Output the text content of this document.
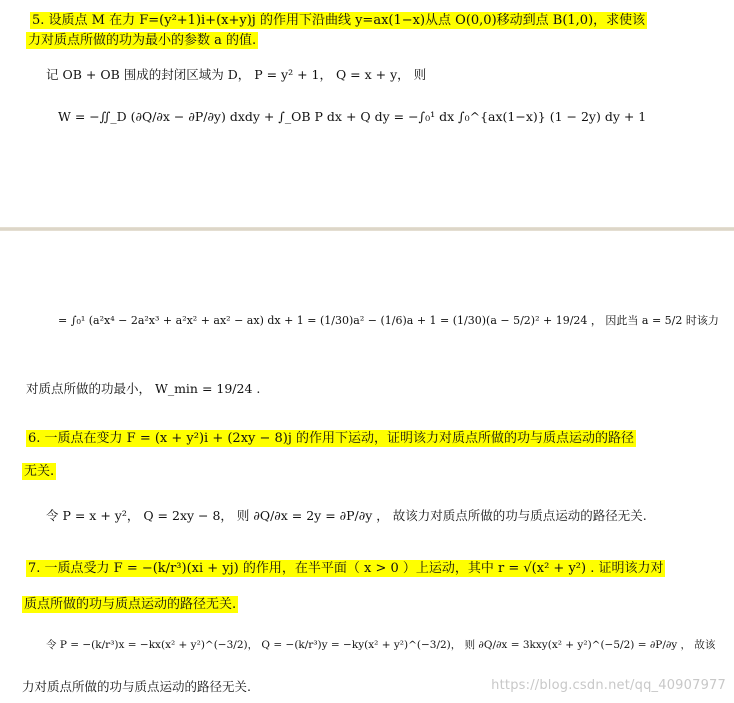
5. 设质点 M 在力 F=(y²+1)i+(x+y)j 的作用下沿曲线 y=ax(1−x)从点 O(0,0)移动到点 B(1,0)，求使该
力对质点所做的功为最小的参数 a 的值.
记 OB + OB 围成的封闭区域为 D， P = y² + 1， Q = x + y， 则
W = −∬_D (∂Q/∂x − ∂P/∂y) dxdy + ∫_OB P dx + Q dy = −∫₀¹ dx ∫₀^{ax(1−x)} (1 − 2y) dy + 1
= ∫₀¹ (a²x⁴ − 2a²x³ + a²x² + ax² − ax) dx + 1 = (1/30)a² − (1/6)a + 1 = (1/30)(a − 5/2)² + 19/24 ， 因此当 a = 5/2 时该力
对质点所做的功最小， W_min = 19/24 .
6. 一质点在变力 F = (x + y²)i + (2xy − 8)j 的作用下运动，证明该力对质点所做的功与质点运动的路径
无关.
令 P = x + y²， Q = 2xy − 8， 则 ∂Q/∂x = 2y = ∂P/∂y ， 故该力对质点所做的功与质点运动的路径无关.
7. 一质点受力 F = −(k/r³)(xi + yj) 的作用，在半平面（ x > 0 ）上运动，其中 r = √(x² + y²) . 证明该力对
质点所做的功与质点运动的路径无关.
令 P = −(k/r³)x = −kx(x² + y²)^(−3/2)， Q = −(k/r³)y = −ky(x² + y²)^(−3/2)， 则 ∂Q/∂x = 3kxy(x² + y²)^(−5/2) = ∂P/∂y ， 故该
力对质点所做的功与质点运动的路径无关.	https://blog.csdn.net/qq_40907977
